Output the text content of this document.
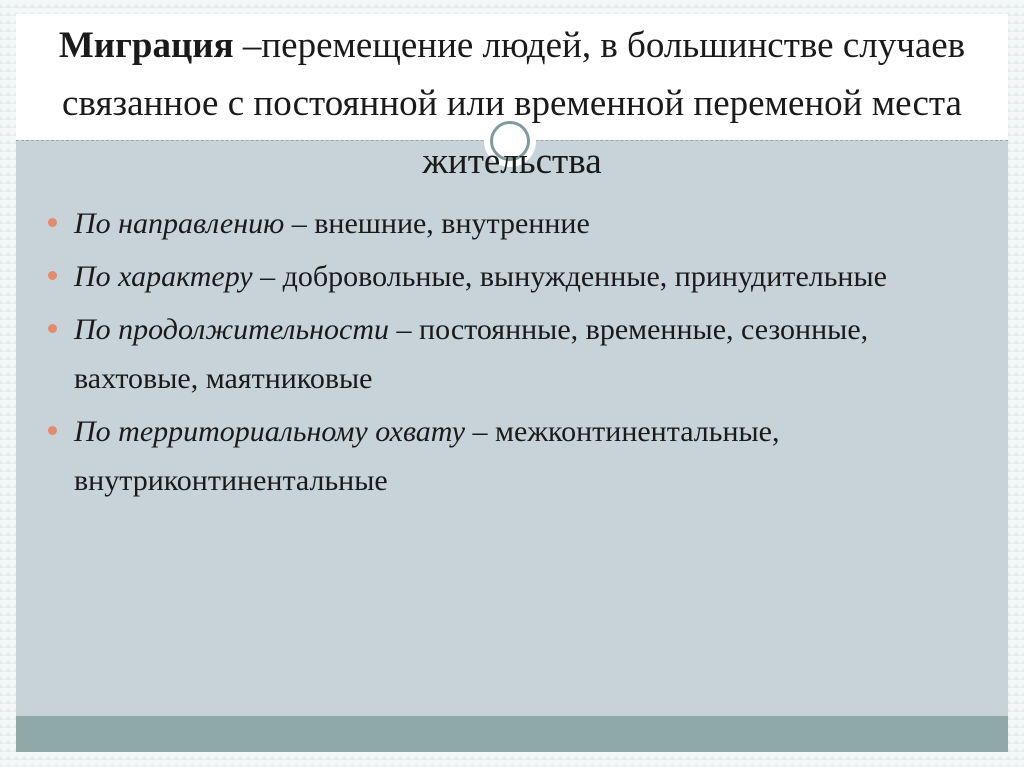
Миграция –перемещение людей, в большинстве случаев связанное с постоянной или временной переменой места жительства
По направлению – внешние, внутренние
По характеру – добровольные, вынужденные, принудительные
По продолжительности – постоянные, временные, сезонные, вахтовые, маятниковые
По территориальному охвату – межконтинентальные, внутриконтинентальные
